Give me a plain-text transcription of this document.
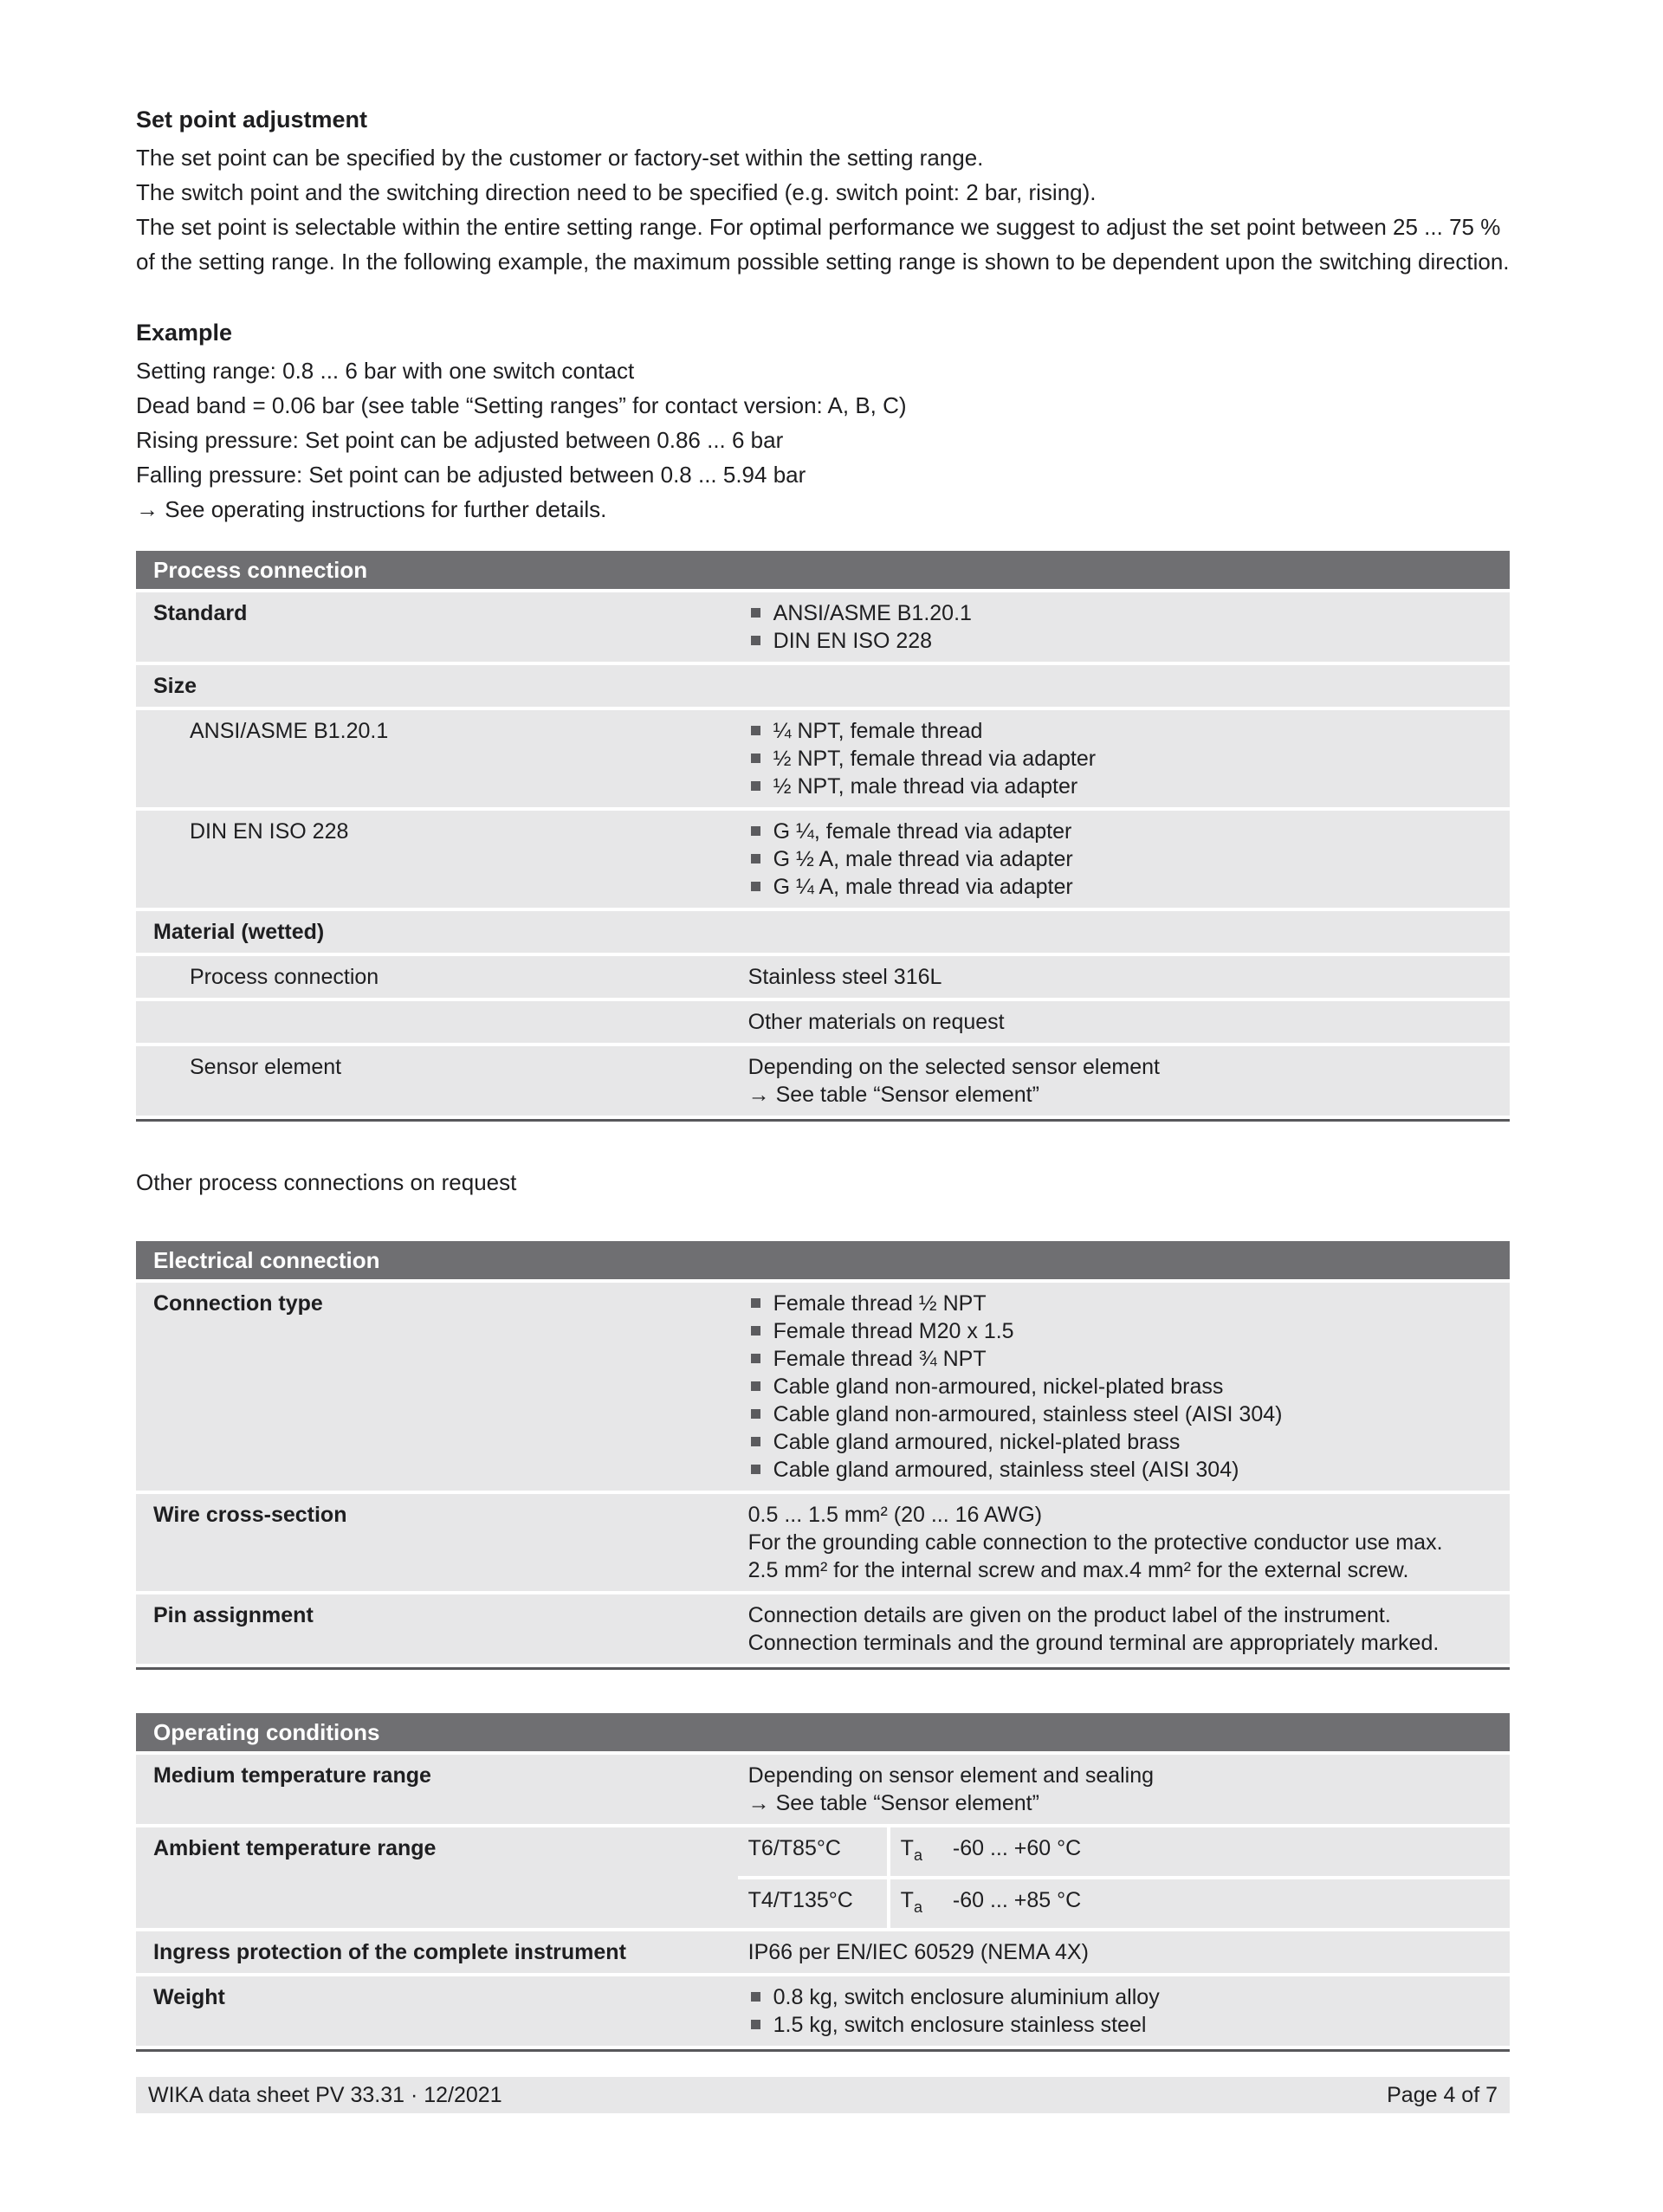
Set point adjustment
The set point can be specified by the customer or factory-set within the setting range.
The switch point and the switching direction need to be specified (e.g. switch point: 2 bar, rising).
The set point is selectable within the entire setting range. For optimal performance we suggest to adjust the set point between 25 ... 75 % of the setting range. In the following example, the maximum possible setting range is shown to be dependent upon the switching direction.
Example
Setting range: 0.8 ... 6 bar with one switch contact
Dead band = 0.06 bar (see table “Setting ranges” for contact version: A, B, C)
Rising pressure: Set point can be adjusted between 0.86 ... 6 bar
Falling pressure: Set point can be adjusted between 0.8 ... 5.94 bar
→ See operating instructions for further details.
Process connection
Standard	ANSI/ASME B1.20.1
DIN EN ISO 228
Size
ANSI/ASME B1.20.1	¼ NPT, female thread
½ NPT, female thread via adapter
½ NPT, male thread via adapter
DIN EN ISO 228	G ¼, female thread via adapter
G ½ A, male thread via adapter
G ¼ A, male thread via adapter
Material (wetted)
Process connection	Stainless steel 316L
Other materials on request
Sensor element	Depending on the selected sensor element
→ See table “Sensor element”
Other process connections on request
Electrical connection
Connection type	Female thread ½ NPT
Female thread M20 x 1.5
Female thread ¾ NPT
Cable gland non-armoured, nickel-plated brass
Cable gland non-armoured, stainless steel (AISI 304)
Cable gland armoured, nickel-plated brass
Cable gland armoured, stainless steel (AISI 304)
Wire cross-section	0.5 ... 1.5 mm² (20 ... 16 AWG)
For the grounding cable connection to the protective conductor use max.
2.5 mm² for the internal screw and max.4 mm² for the external screw.
Pin assignment	Connection details are given on the product label of the instrument. Connection terminals and the ground terminal are appropriately marked.
Operating conditions
Medium temperature range	Depending on sensor element and sealing
→ See table “Sensor element”
Ambient temperature range	T6/T85°C	$T_a$ -60 ... +60 °C
T4/T135°C	$T_a$ -60 ... +85 °C
Ingress protection of the complete instrument	IP66 per EN/IEC 60529 (NEMA 4X)
Weight	0.8 kg, switch enclosure aluminium alloy
1.5 kg, switch enclosure stainless steel
WIKA data sheet PV 33.31 · 12/2021	Page 4 of 7
